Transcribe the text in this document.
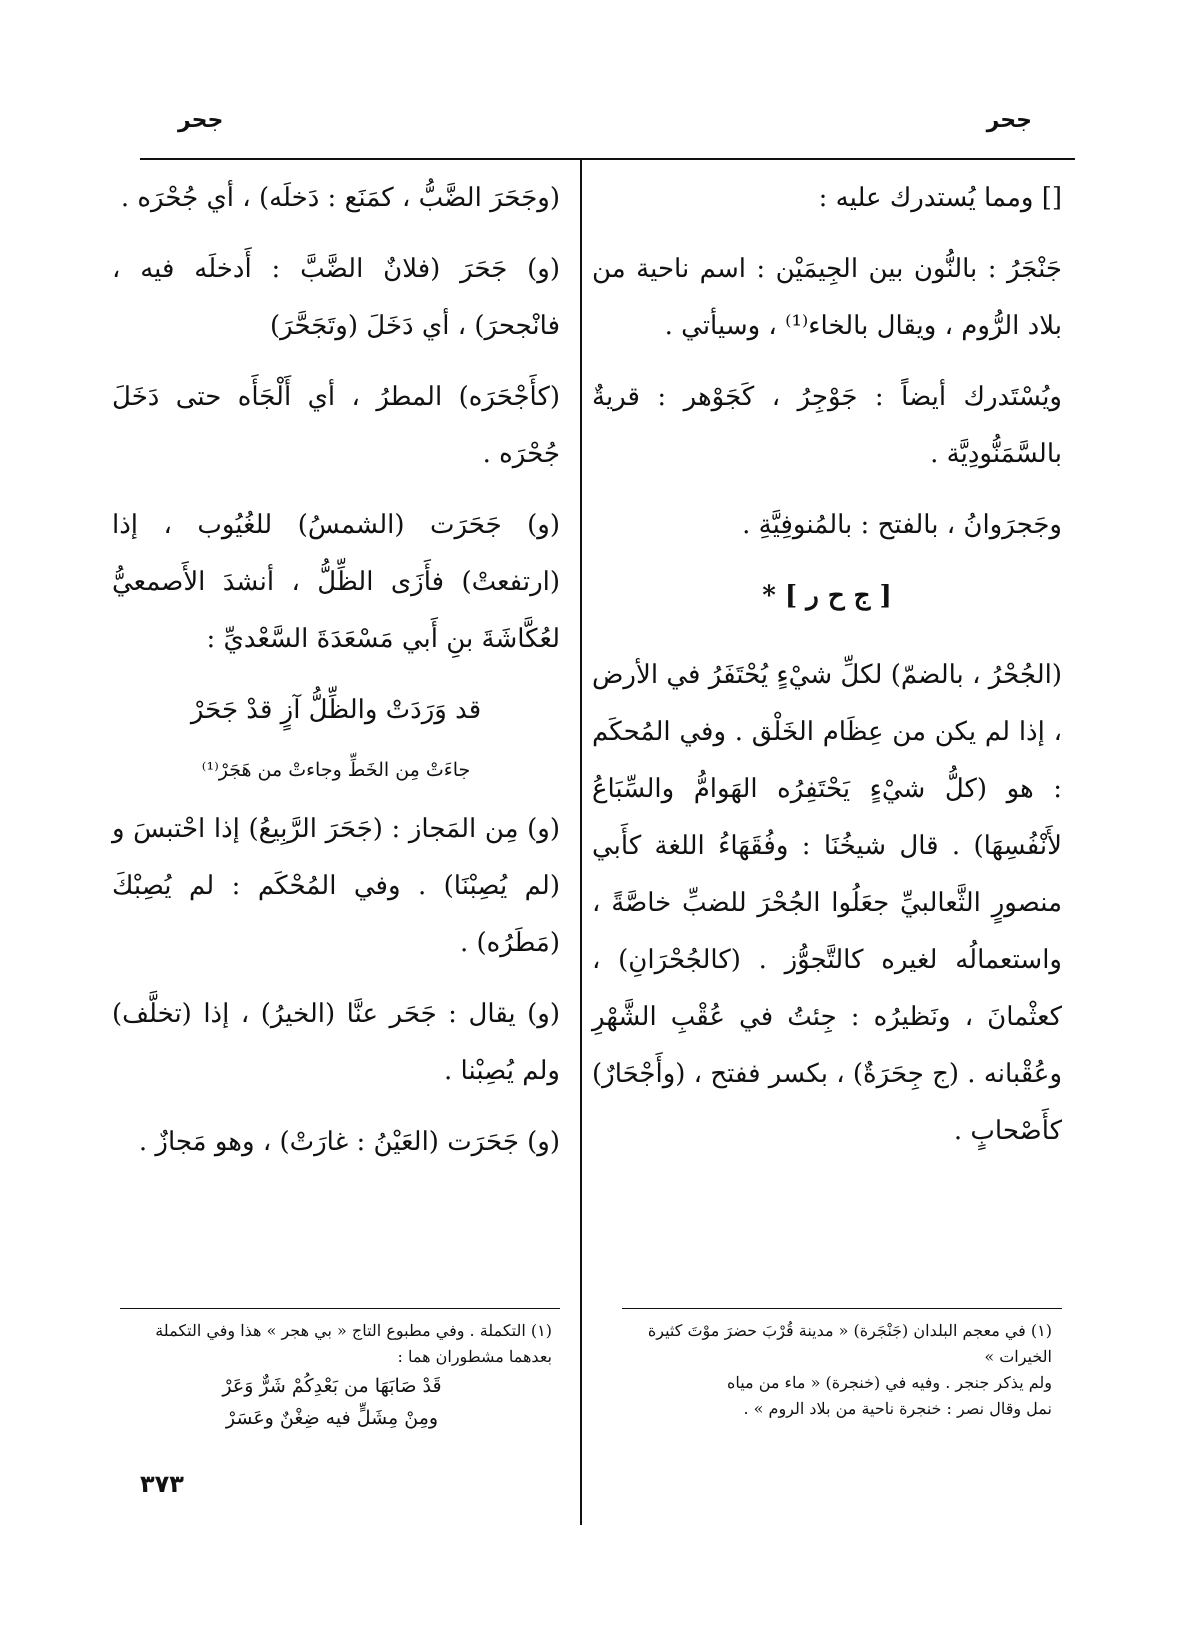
جحر
جحر

[] ومما يُستدرك عليه :

جَنْجَرُ : بالنُّون بين الجِيمَيْن : اسم ناحية من بلاد الرُّوم ، ويقال بالخاء⁽¹⁾ ، وسيأتي .

ويُسْتَدرك أيضاً : جَوْجِرُ ، كَجَوْهر : قريةٌ بالسَّمَنُّودِيَّة .

وجَجرَوانُ ، بالفتح : بالمُنوفِيَّةِ .

[ ج ح ر ] *

(الجُحْرُ ، بالضمّ) لكلِّ شيْءٍ يُحْتَفَرُ في الأرض ، إذا لم يكن من عِظَام الخَلْق . وفي المُحكَم : هو (كلُّ شيْءٍ يَحْتَفِرُه الهَوامُّ والسِّبَاعُ لأَنْفُسِهَا) . قال شيخُنَا : وفُقَهَاءُ اللغة كأَبي منصورٍ الثَّعالبيِّ جعَلُوا الجُحْرَ للضبِّ خاصَّةً ، واستعمالُه لغيره كالتَّجوُّز . (كالجُحْرَانِ) ، كعثْمانَ ، ونَظيرُه : جِئتُ في عُقْبِ الشَّهْرِ وعُقْبانه . (ج جِحَرَةٌ) ، بكسر ففتح ، (وأَجْحَارٌ) كأَصْحابٍ .

(وجَحَرَ الضَّبُّ ، كمَنَع : دَخلَه) ، أي جُحْرَه .

(و) جَحَرَ (فلانٌ الضَّبَّ : أَدخلَه فيه ، فانْجحرَ) ، أي دَخَلَ (وتَجَحَّرَ)

(كأَجْحَرَه) المطرُ ، أي أَلْجَأَه حتى دَخَلَ جُحْرَه .

(و) جَحَرَت (الشمسُ) للغُيُوب ، إذا (ارتفعتْ) فأَزَى الظِّلُّ ، أنشدَ الأَصمعيُّ لعُكَّاشَةَ بنِ أَبي مَسْعَدَةَ السَّعْديِّ :

قد وَرَدَتْ والظِّلُّ آزٍ قدْ جَحَرْ

جاءَتْ مِن الخَطِّ وجاءتْ من هَجَرْ⁽¹⁾

(و) مِن المَجاز : (جَحَرَ الرَّبِيعُ) إذا احْتبسَ و (لم يُصِبْنَا) . وفي المُحْكَم : لم يُصِبْكَ (مَطَرُه) .

(و) يقال : جَحَر عنَّا (الخيرُ) ، إذا (تخلَّف) ولم يُصِبْنا .

(و) جَحَرَت (العَيْنُ : غارَتْ) ، وهو مَجازٌ .

(١) في معجم البلدان (جَنْجَرة) « مدينة قُرْبَ حضرَ موْتَ كثيرة الخيرات »

ولم يذكر جنجر . وفيه في (خنجرة) « ماء من مياه

نمل وقال نصر : خنجرة ناحية من بلاد الروم » .

(١) التكملة . وفي مطبوع التاج « بي هجر » هذا وفي التكملة بعدهما مشطوران هما :

قَدْ صَابَهَا من بَعْدِكُمْ شَرٌّ وَعَرْ

ومِنْ مِشَلٍّ فيه ضِغْنٌ وعَسَرْ

٣٧٣
